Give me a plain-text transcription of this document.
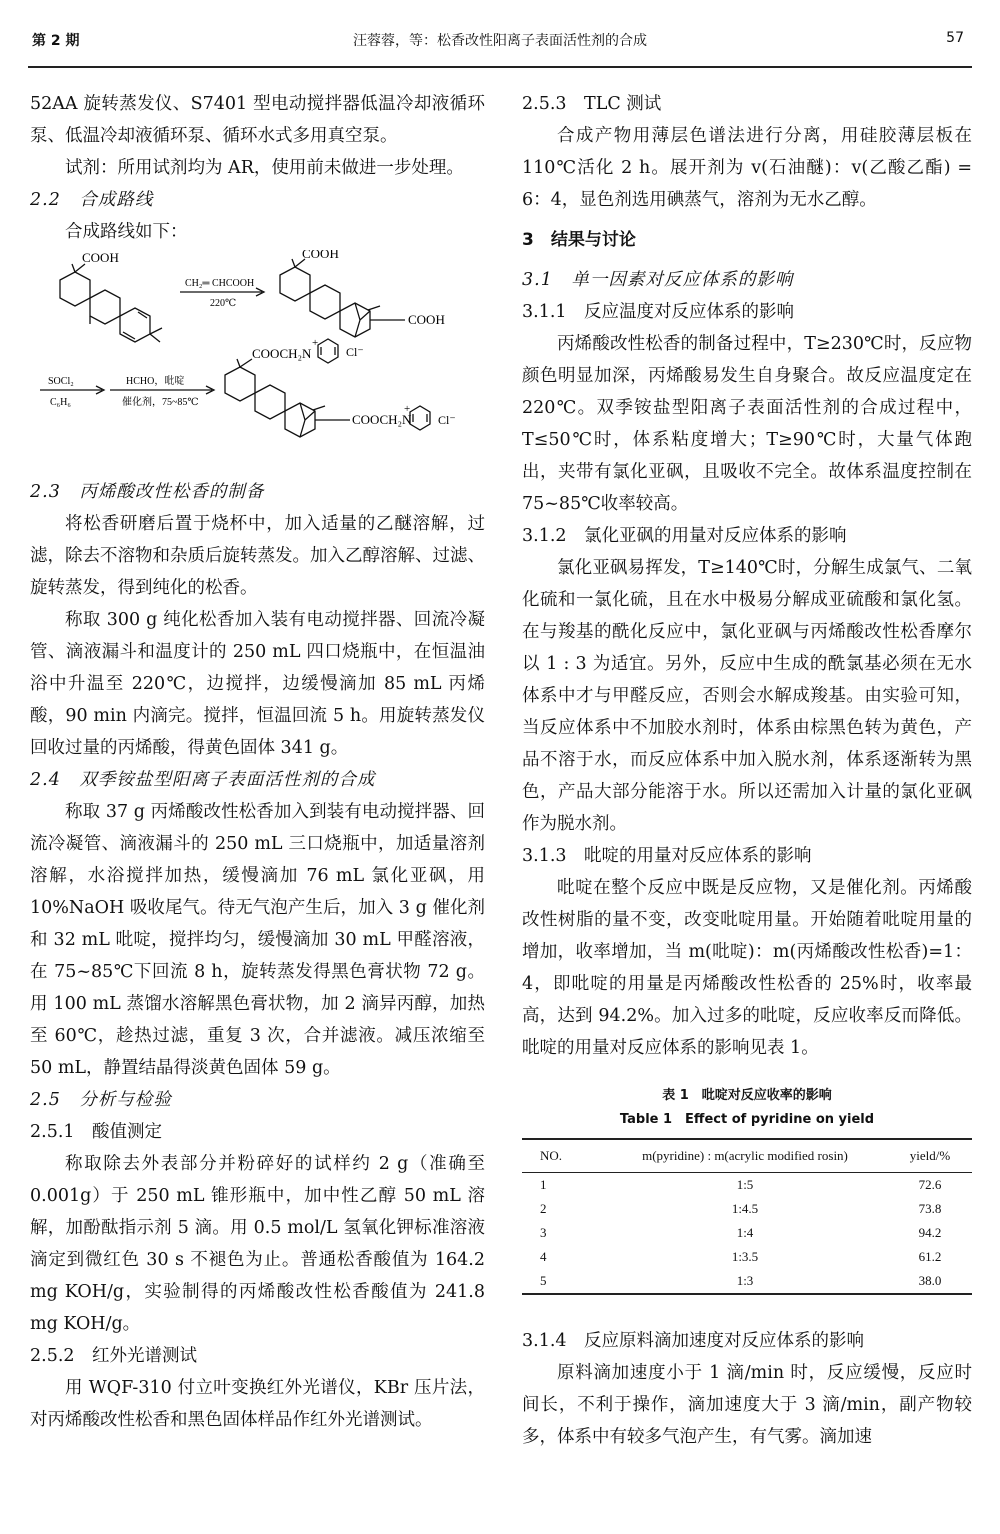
第 2 期	汪蓉蓉，等：松香改性阳离子表面活性剂的合成	57

52AA 旋转蒸发仪、S7401 型电动搅拌器低温冷却液循环泵、低温冷却液循环泵、循环水式多用真空泵。

试剂：所用试剂均为 AR，使用前未做进一步处理。

2.2　合成路线

合成路线如下：

COOH	COOH
COOH
CH₂═ CHCOOH
220℃
SOCl₂
C₆H₆
HCHO，吡啶
催化剂，75~85℃
COOCH₂N
COOCH₂N
+
+
Cl⁻
Cl⁻

2.3　丙烯酸改性松香的制备

将松香研磨后置于烧杯中，加入适量的乙醚溶解，过滤，除去不溶物和杂质后旋转蒸发。加入乙醇溶解、过滤、旋转蒸发，得到纯化的松香。

称取 300 g 纯化松香加入装有电动搅拌器、回流冷凝管、滴液漏斗和温度计的 250 mL 四口烧瓶中，在恒温油浴中升温至 220℃，边搅拌，边缓慢滴加 85 mL 丙烯酸，90 min 内滴完。搅拌，恒温回流 5 h。用旋转蒸发仪回收过量的丙烯酸，得黄色固体 341 g。

2.4　双季铵盐型阳离子表面活性剂的合成

称取 37 g 丙烯酸改性松香加入到装有电动搅拌器、回流冷凝管、滴液漏斗的 250 mL 三口烧瓶中，加适量溶剂溶解，水浴搅拌加热，缓慢滴加 76 mL 氯化亚砜，用 10%NaOH 吸收尾气。待无气泡产生后，加入 3 g 催化剂和 32 mL 吡啶，搅拌均匀，缓慢滴加 30 mL 甲醛溶液，在 75~85℃下回流 8 h，旋转蒸发得黑色膏状物 72 g。用 100 mL 蒸馏水溶解黑色膏状物，加 2 滴异丙醇，加热至 60℃，趁热过滤，重复 3 次，合并滤液。减压浓缩至 50 mL，静置结晶得淡黄色固体 59 g。

2.5　分析与检验

2.5.1　酸值测定

称取除去外表部分并粉碎好的试样约 2 g（准确至 0.001g）于 250 mL 锥形瓶中，加中性乙醇 50 mL 溶解，加酚酞指示剂 5 滴。用 0.5 mol/L 氢氧化钾标准溶液滴定到微红色 30 s 不褪色为止。普通松香酸值为 164.2 mg KOH/g，实验制得的丙烯酸改性松香酸值为 241.8 mg KOH/g。

2.5.2　红外光谱测试

用 WQF-310 付立叶变换红外光谱仪，KBr 压片法，对丙烯酸改性松香和黑色固体样品作红外光谱测试。

2.5.3　TLC 测试

合成产物用薄层色谱法进行分离，用硅胶薄层板在 110℃活化 2 h。展开剂为 v(石油醚)：v(乙酸乙酯) = 6：4，显色剂选用碘蒸气，溶剂为无水乙醇。

3　结果与讨论

3.1　单一因素对反应体系的影响

3.1.1　反应温度对反应体系的影响

丙烯酸改性松香的制备过程中，T≥230℃时，反应物颜色明显加深，丙烯酸易发生自身聚合。故反应温度定在 220℃。双季铵盐型阳离子表面活性剂的合成过程中，T≤50℃时，体系粘度增大；T≥90℃时，大量气体跑出，夹带有氯化亚砜，且吸收不完全。故体系温度控制在 75~85℃收率较高。

3.1.2　氯化亚砜的用量对反应体系的影响

氯化亚砜易挥发，T≥140℃时，分解生成氯气、二氧化硫和一氯化硫，且在水中极易分解成亚硫酸和氯化氢。在与羧基的酰化反应中，氯化亚砜与丙烯酸改性松香摩尔以 1 : 3 为适宜。另外，反应中生成的酰氯基必须在无水体系中才与甲醛反应，否则会水解成羧基。由实验可知，当反应体系中不加胶水剂时，体系由棕黑色转为黄色，产品不溶于水，而反应体系中加入脱水剂，体系逐渐转为黑色，产品大部分能溶于水。所以还需加入计量的氯化亚砜作为脱水剂。

3.1.3　吡啶的用量对反应体系的影响

吡啶在整个反应中既是反应物，又是催化剂。丙烯酸改性树脂的量不变，改变吡啶用量。开始随着吡啶用量的增加，收率增加，当 m(吡啶)：m(丙烯酸改性松香)=1：4，即吡啶的用量是丙烯酸改性松香的 25%时，收率最高，达到 94.2%。加入过多的吡啶，反应收率反而降低。吡啶的用量对反应体系的影响见表 1。

表 1　吡啶对反应收率的影响
Table 1　Effect of pyridine on yield
NO.	m(pyridine) : m(acrylic modified rosin)	yield/%
1	1:5	72.6
2	1:4.5	73.8
3	1:4	94.2
4	1:3.5	61.2
5	1:3	38.0

3.1.4　反应原料滴加速度对反应体系的影响

原料滴加速度小于 1 滴/min 时，反应缓慢，反应时间长，不利于操作，滴加速度大于 3 滴/min，副产物较多，体系中有较多气泡产生，有气雾。滴加速
